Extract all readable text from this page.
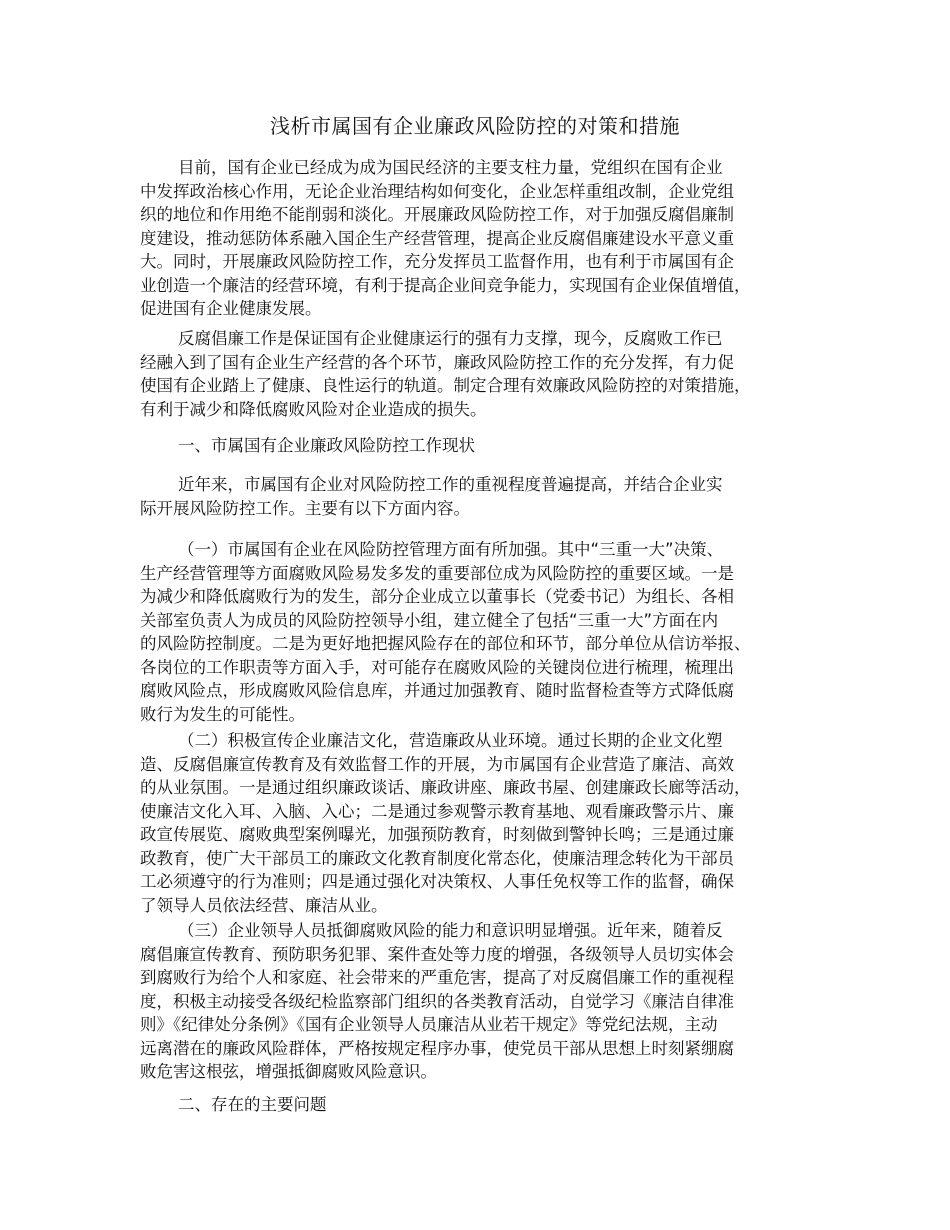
浅析市属国有企业廉政风险防控的对策和措施
目前，国有企业已经成为成为国民经济的主要支柱力量，党组织在国有企业
中发挥政治核心作用，无论企业治理结构如何变化，企业怎样重组改制，企业党组
织的地位和作用绝不能削弱和淡化。开展廉政风险防控工作，对于加强反腐倡廉制
度建设，推动惩防体系融入国企生产经营管理，提高企业反腐倡廉建设水平意义重
大。同时，开展廉政风险防控工作，充分发挥员工监督作用，也有利于市属国有企
业创造一个廉洁的经营环境，有利于提高企业间竞争能力，实现国有企业保值增值，
促进国有企业健康发展。
反腐倡廉工作是保证国有企业健康运行的强有力支撑，现今，反腐败工作已
经融入到了国有企业生产经营的各个环节，廉政风险防控工作的充分发挥，有力促
使国有企业踏上了健康、良性运行的轨道。制定合理有效廉政风险防控的对策措施，
有利于减少和降低腐败风险对企业造成的损失。
一、市属国有企业廉政风险防控工作现状
近年来，市属国有企业对风险防控工作的重视程度普遍提高，并结合企业实
际开展风险防控工作。主要有以下方面内容。
（一）市属国有企业在风险防控管理方面有所加强。其中“三重一大”决策、
生产经营管理等方面腐败风险易发多发的重要部位成为风险防控的重要区域。一是
为减少和降低腐败行为的发生，部分企业成立以董事长（党委书记）为组长、各相
关部室负责人为成员的风险防控领导小组，建立健全了包括“三重一大”方面在内
的风险防控制度。二是为更好地把握风险存在的部位和环节，部分单位从信访举报、
各岗位的工作职责等方面入手，对可能存在腐败风险的关键岗位进行梳理，梳理出
腐败风险点，形成腐败风险信息库，并通过加强教育、随时监督检查等方式降低腐
败行为发生的可能性。
（二）积极宣传企业廉洁文化，营造廉政从业环境。通过长期的企业文化塑
造、反腐倡廉宣传教育及有效监督工作的开展，为市属国有企业营造了廉洁、高效
的从业氛围。一是通过组织廉政谈话、廉政讲座、廉政书屋、创建廉政长廊等活动，
使廉洁文化入耳、入脑、入心；二是通过参观警示教育基地、观看廉政警示片、廉
政宣传展览、腐败典型案例曝光，加强预防教育，时刻做到警钟长鸣；三是通过廉
政教育，使广大干部员工的廉政文化教育制度化常态化，使廉洁理念转化为干部员
工必须遵守的行为准则；四是通过强化对决策权、人事任免权等工作的监督，确保
了领导人员依法经营、廉洁从业。
（三）企业领导人员抵御腐败风险的能力和意识明显增强。近年来，随着反
腐倡廉宣传教育、预防职务犯罪、案件查处等力度的增强，各级领导人员切实体会
到腐败行为给个人和家庭、社会带来的严重危害，提高了对反腐倡廉工作的重视程
度，积极主动接受各级纪检监察部门组织的各类教育活动，自觉学习《廉洁自律准
则》《纪律处分条例》《国有企业领导人员廉洁从业若干规定》等党纪法规，主动
远离潜在的廉政风险群体，严格按规定程序办事，使党员干部从思想上时刻紧绷腐
败危害这根弦，增强抵御腐败风险意识。
二、存在的主要问题
